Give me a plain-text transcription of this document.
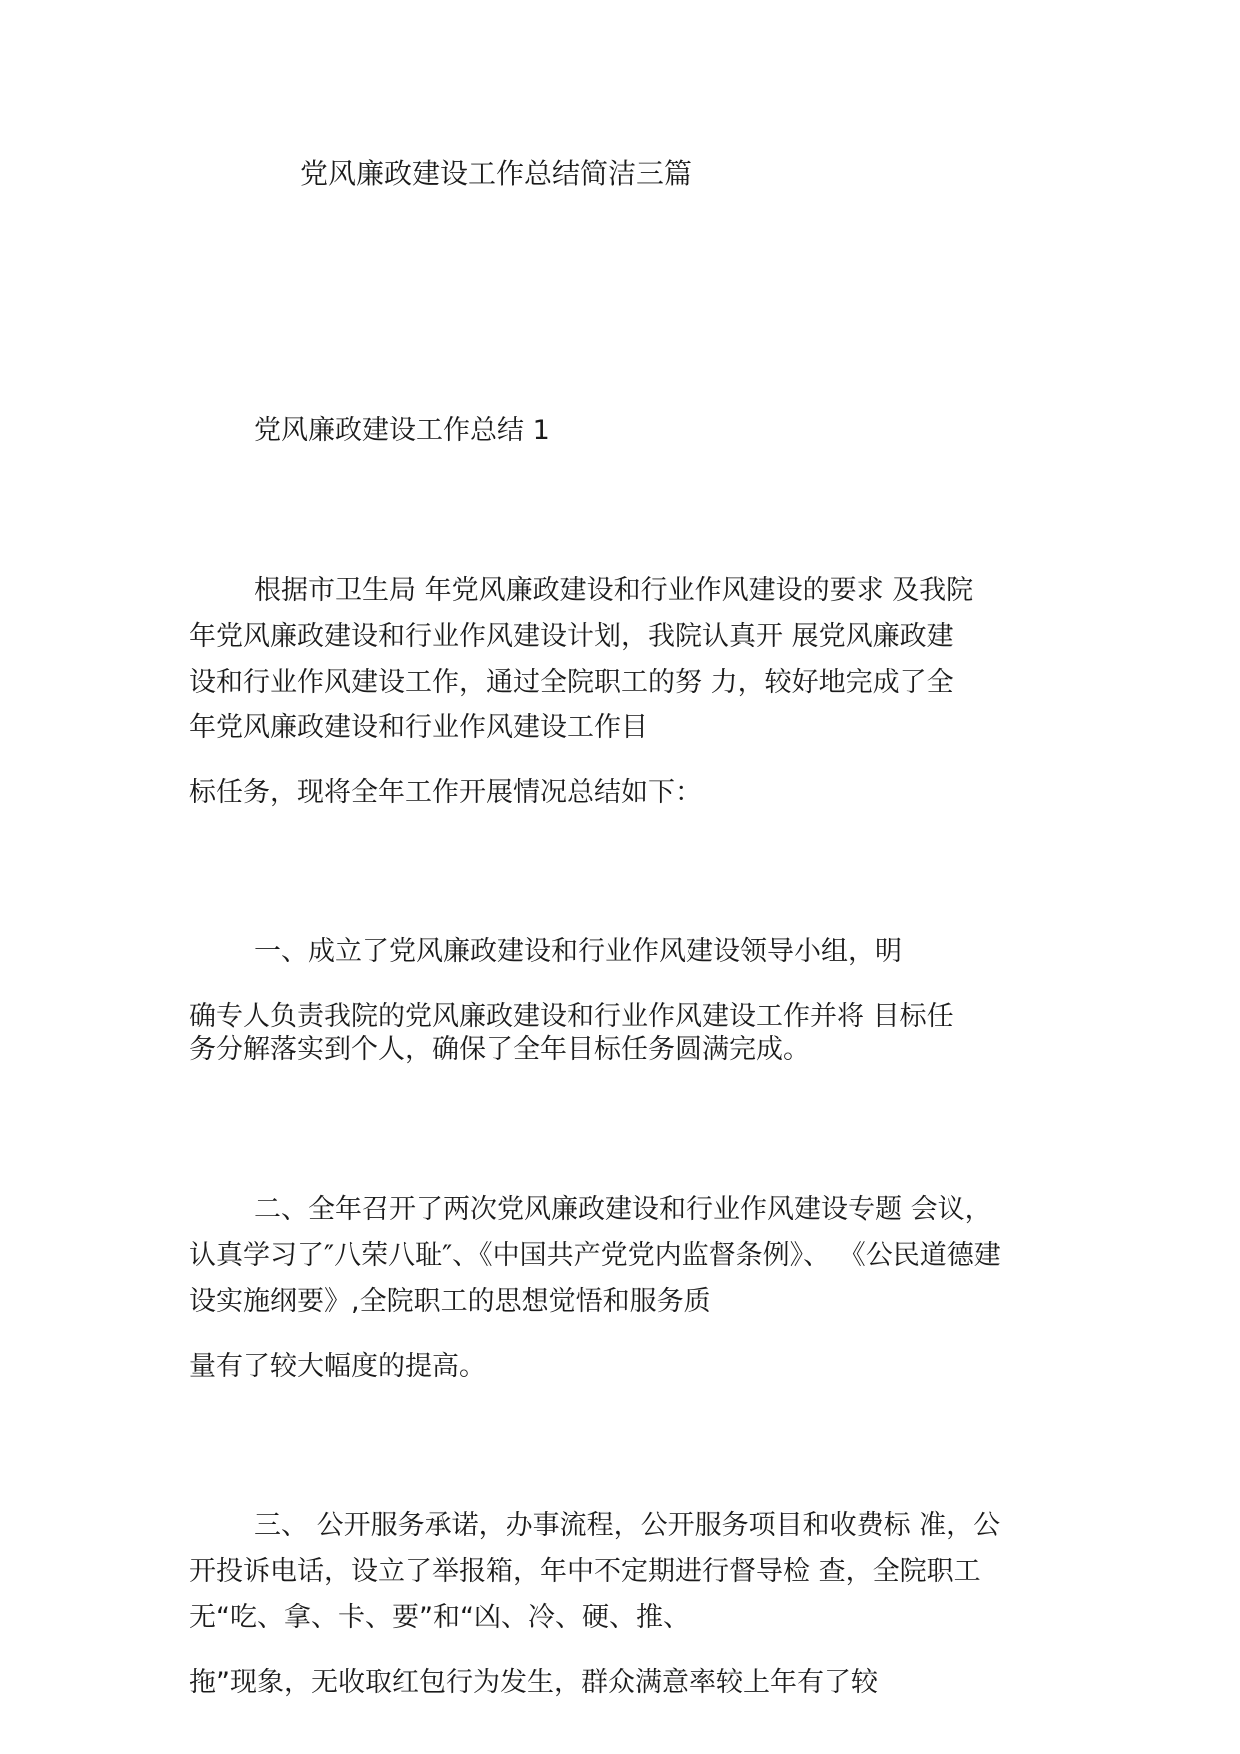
党风廉政建设工作总结简洁三篇
党风廉政建设工作总结 1
根据市卫生局 年党风廉政建设和行业作风建设的要求 及我院
年党风廉政建设和行业作风建设计划，我院认真开 展党风廉政建
设和行业作风建设工作，通过全院职工的努 力，较好地完成了全
年党风廉政建设和行业作风建设工作目
标任务，现将全年工作开展情况总结如下：
一、成立了党风廉政建设和行业作风建设领导小组，明
确专人负责我院的党风廉政建设和行业作风建设工作并将 目标任
务分解落实到个人，确保了全年目标任务圆满完成。
二、全年召开了两次党风廉政建设和行业作风建设专题 会议，
认真学习了″八荣八耻″、《中国共产党党内监督条例》、 《公民道德建
设实施纲要》,全院职工的思想觉悟和服务质
量有了较大幅度的提高。
三、 公开服务承诺，办事流程，公开服务项目和收费标 准，公
开投诉电话，设立了举报箱，年中不定期进行督导检 查，全院职工
无“吃、拿、卡、要”和“凶、冷、硬、推、
拖”现象，无收取红包行为发生，群众满意率较上年有了较
